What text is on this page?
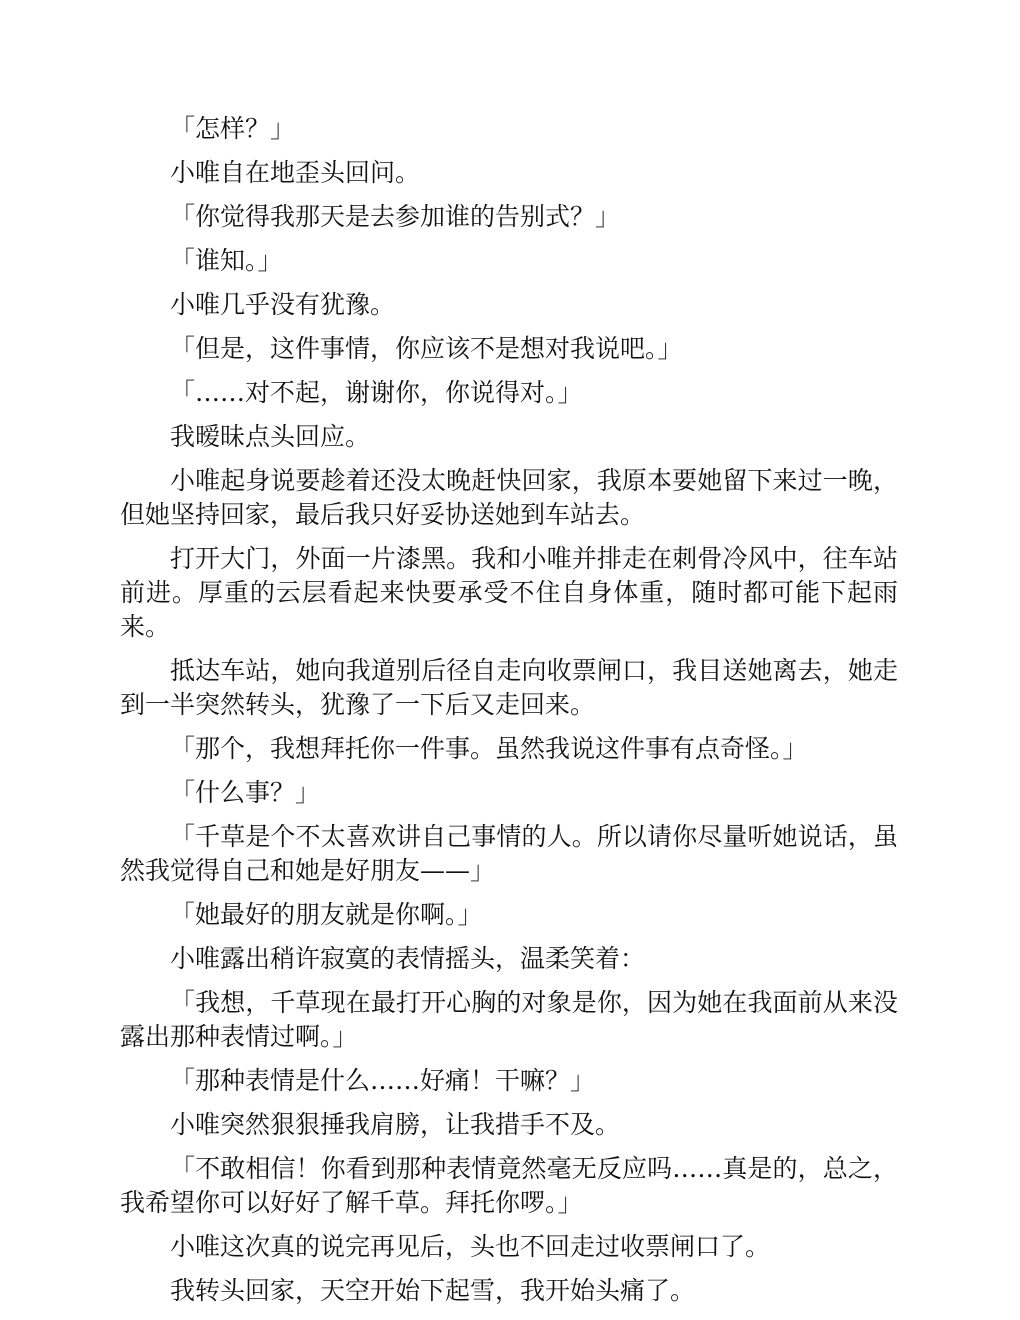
「怎样？」

小唯自在地歪头回问。

「你觉得我那天是去参加谁的告别式？」

「谁知。」

小唯几乎没有犹豫。

「但是，这件事情，你应该不是想对我说吧。」

「……对不起，谢谢你，你说得对。」

我暧昧点头回应。

小唯起身说要趁着还没太晚赶快回家，我原本要她留下来过一晚，但她坚持回家，最后我只好妥协送她到车站去。

打开大门，外面一片漆黑。我和小唯并排走在刺骨冷风中，往车站前进。厚重的云层看起来快要承受不住自身体重，随时都可能下起雨来。

抵达车站，她向我道别后径自走向收票闸口，我目送她离去，她走到一半突然转头，犹豫了一下后又走回来。

「那个，我想拜托你一件事。虽然我说这件事有点奇怪。」

「什么事？」

「千草是个不太喜欢讲自己事情的人。所以请你尽量听她说话，虽然我觉得自己和她是好朋友——」

「她最好的朋友就是你啊。」

小唯露出稍许寂寞的表情摇头，温柔笑着：

「我想，千草现在最打开心胸的对象是你，因为她在我面前从来没露出那种表情过啊。」

「那种表情是什么……好痛！干嘛？」

小唯突然狠狠捶我肩膀，让我措手不及。

「不敢相信！你看到那种表情竟然毫无反应吗……真是的，总之，我希望你可以好好了解千草。拜托你啰。」

小唯这次真的说完再见后，头也不回走过收票闸口了。

我转头回家，天空开始下起雪，我开始头痛了。
